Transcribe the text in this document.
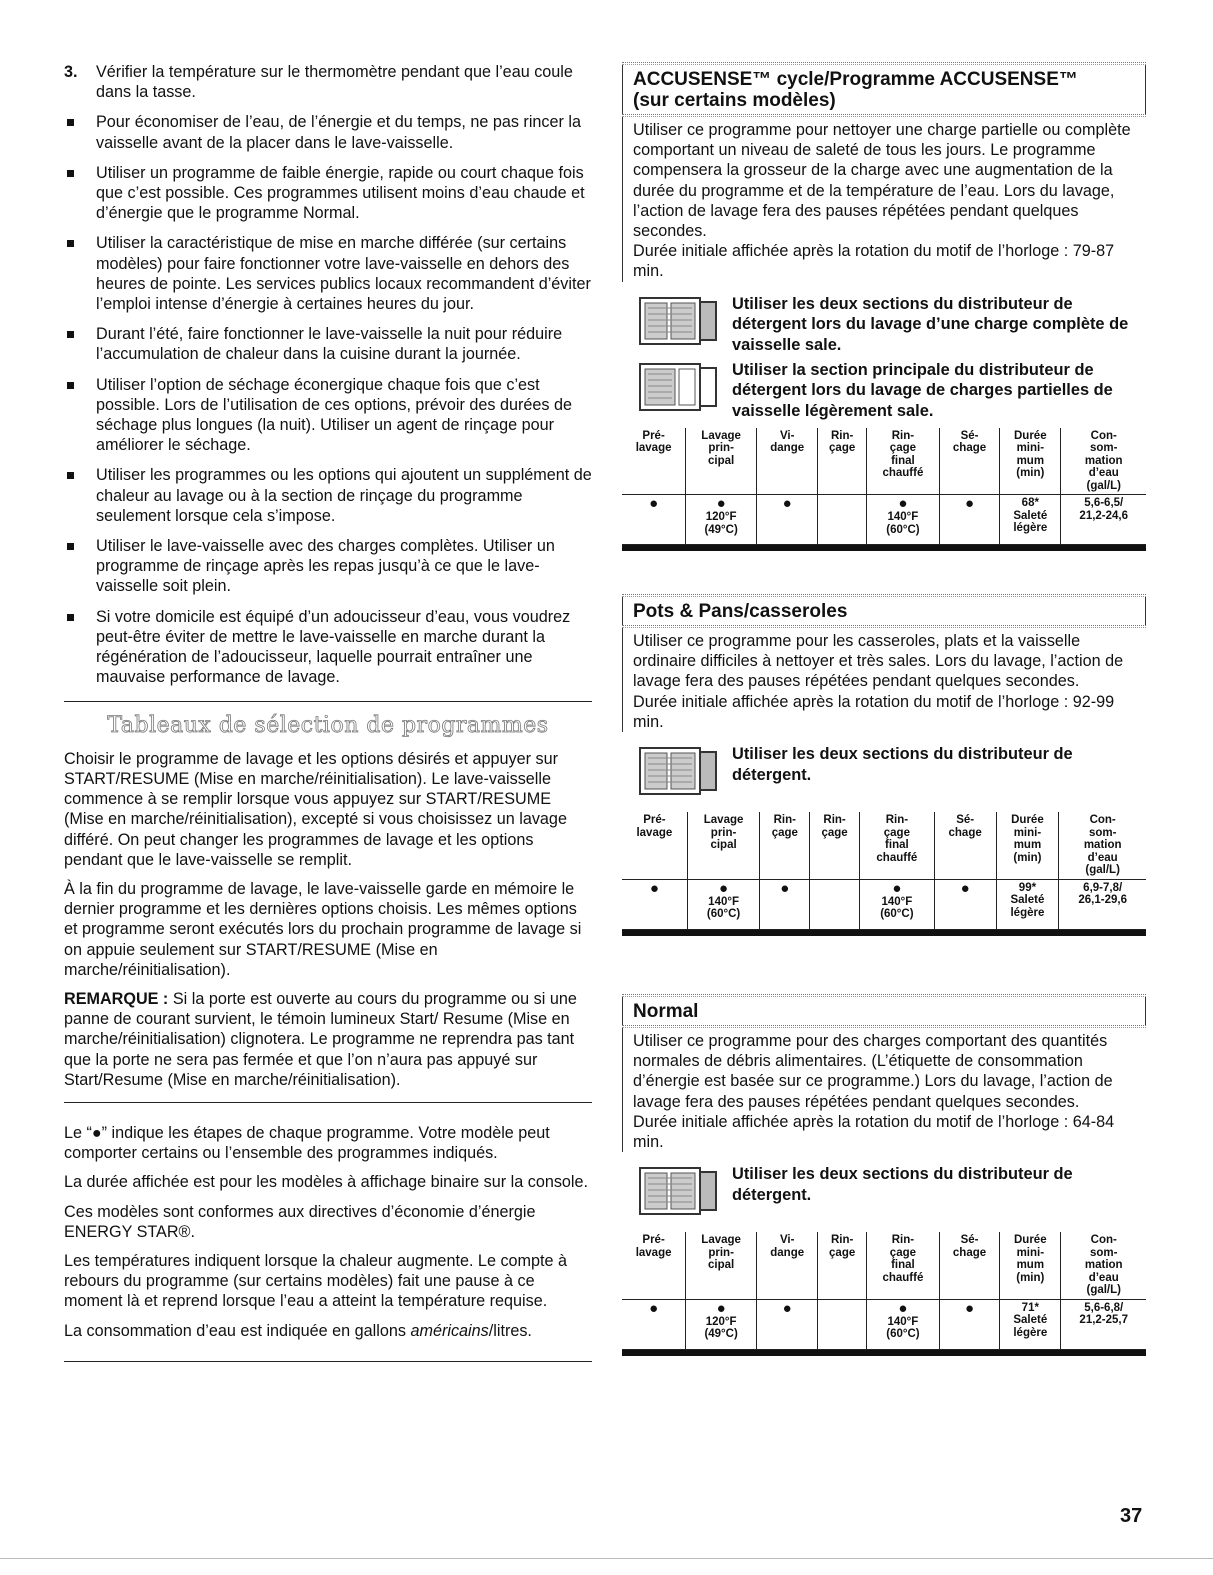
3.	Vérifier la température sur le thermomètre pendant que l’eau coule dans la tasse.
Pour économiser de l’eau, de l’énergie et du temps, ne pas rincer la vaisselle avant de la placer dans le lave-vaisselle.
Utiliser un programme de faible énergie, rapide ou court chaque fois que c’est possible. Ces programmes utilisent moins d’eau chaude et d’énergie que le programme Normal.
Utiliser la caractéristique de mise en marche différée (sur certains modèles) pour faire fonctionner votre lave-vaisselle en dehors des heures de pointe. Les services publics locaux recommandent d’éviter l’emploi intense d’énergie à certaines heures du jour.
Durant l’été, faire fonctionner le lave-vaisselle la nuit pour réduire l’accumulation de chaleur dans la cuisine durant la journée.
Utiliser l’option de séchage éconergique chaque fois que c’est possible. Lors de l’utilisation de ces options, prévoir des durées de séchage plus longues (la nuit). Utiliser un agent de rinçage pour améliorer le séchage.
Utiliser les programmes ou les options qui ajoutent un supplément de chaleur au lavage ou à la section de rinçage du programme seulement lorsque cela s’impose.
Utiliser le lave-vaisselle avec des charges complètes. Utiliser un programme de rinçage après les repas jusqu’à ce que le lave-vaisselle soit plein.
Si votre domicile est équipé d’un adoucisseur d’eau, vous voudrez peut-être éviter de mettre le lave-vaisselle en marche durant la régénération de l’adoucisseur, laquelle pourrait entraîner une mauvaise performance de lavage.
Tableaux de sélection de programmes

Choisir le programme de lavage et les options désirés et appuyer sur START/RESUME (Mise en marche/réinitialisation). Le lave-vaisselle commence à se remplir lorsque vous appuyez sur START/RESUME (Mise en marche/réinitialisation), excepté si vous choisissez un lavage différé. On peut changer les programmes de lavage et les options pendant que le lave-vaisselle se remplit.

À la fin du programme de lavage, le lave-vaisselle garde en mémoire le dernier programme et les dernières options choisis. Les mêmes options et programme seront exécutés lors du prochain programme de lavage si on appuie seulement sur START/RESUME (Mise en marche/réinitialisation).

REMARQUE : Si la porte est ouverte au cours du programme ou si une panne de courant survient, le témoin lumineux Start/ Resume (Mise en marche/réinitialisation) clignotera. Le programme ne reprendra pas tant que la porte ne sera pas fermée et que l’on n’aura pas appuyé sur Start/Resume (Mise en marche/réinitialisation).

Le “●” indique les étapes de chaque programme. Votre modèle peut comporter certains ou l’ensemble des programmes indiqués.

La durée affichée est pour les modèles à affichage binaire sur la console.

Ces modèles sont conformes aux directives d’économie d’énergie ENERGY STAR®.

Les températures indiquent lorsque la chaleur augmente. Le compte à rebours du programme (sur certains modèles) fait une pause à ce moment là et reprend lorsque l’eau a atteint la température requise.

La consommation d’eau est indiquée en gallons américains/litres.

ACCUSENSE™ cycle/Programme ACCUSENSE™
(sur certains modèles)
Utiliser ce programme pour nettoyer une charge partielle ou complète comportant un niveau de saleté de tous les jours. Le programme compensera la grosseur de la charge avec une augmentation de la durée du programme et de la température de l’eau. Lors du lavage, l’action de lavage fera des pauses répétées pendant quelques secondes.
Durée initiale affichée après la rotation du motif de l’horloge : 79-87 min.
Utiliser les deux sections du distributeur de détergent lors du lavage d’une charge complète de vaisselle sale.
Utiliser la section principale du distributeur de détergent lors du lavage de charges partielles de vaisselle légèrement sale.
Pré-
lavage	Lavage
prin-
cipal	Vi-
dange	Rin-
çage	Rin-
çage
final
chauffé	Sé-
chage	Durée
mini-
mum
(min)	Con-
som-
mation
d’eau
(gal/L)

●	●
120°F
(49°C)	●		●
140°F
(60°C)	●	68*
Saleté
légère	5,6-6,5/
21,2-24,6
Pots & Pans/casseroles
Utiliser ce programme pour les casseroles, plats et la vaisselle ordinaire difficiles à nettoyer et très sales. Lors du lavage, l’action de lavage fera des pauses répétées pendant quelques secondes.
Durée initiale affichée après la rotation du motif de l’horloge : 92-99 min.
Utiliser les deux sections du distributeur de détergent.
Pré-
lavage	Lavage
prin-
cipal	Rin-
çage	Rin-
çage	Rin-
çage
final
chauffé	Sé-
chage	Durée
mini-
mum
(min)	Con-
som-
mation
d’eau
(gal/L)

●	●
140°F
(60°C)	●		●
140°F
(60°C)	●	99*
Saleté
légère	6,9-7,8/
26,1-29,6
Normal
Utiliser ce programme pour des charges comportant des quantités normales de débris alimentaires. (L’étiquette de consommation d’énergie est basée sur ce programme.) Lors du lavage, l’action de lavage fera des pauses répétées pendant quelques secondes.
Durée initiale affichée après la rotation du motif de l’horloge : 64-84 min.
Utiliser les deux sections du distributeur de détergent.
Pré-
lavage	Lavage
prin-
cipal	Vi-
dange	Rin-
çage	Rin-
çage
final
chauffé	Sé-
chage	Durée
mini-
mum
(min)	Con-
som-
mation
d’eau
(gal/L)

●	●
120°F
(49°C)	●		●
140°F
(60°C)	●	71*
Saleté
légère	5,6-6,8/
21,2-25,7
37
